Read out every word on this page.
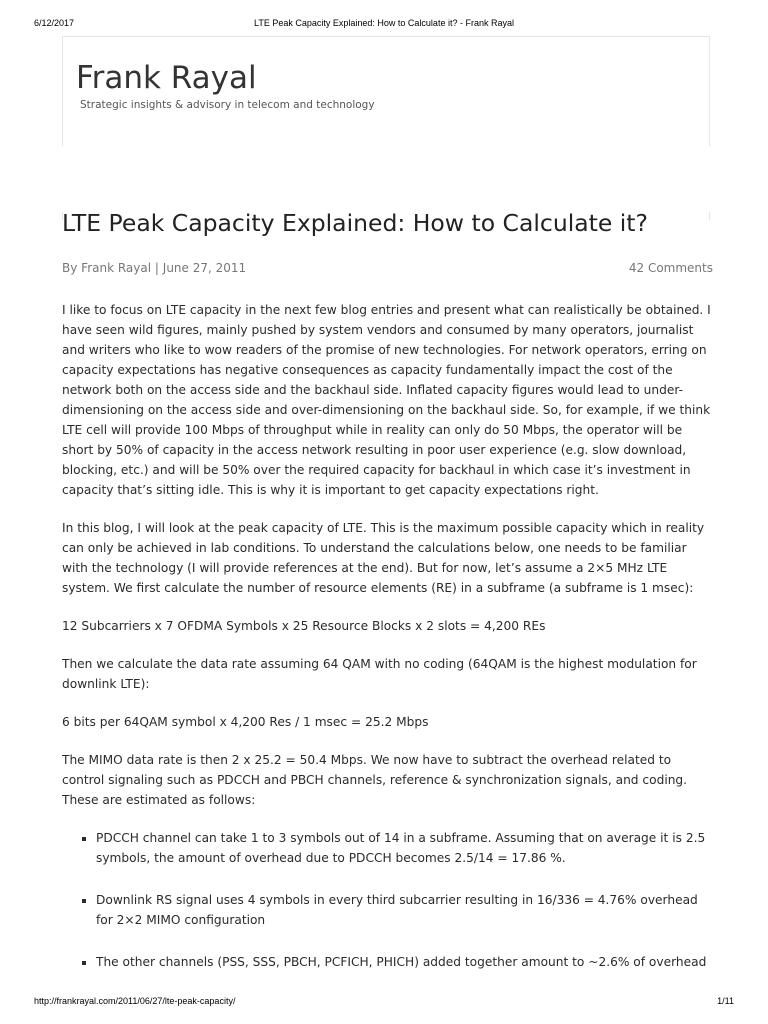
6/12/2017	LTE Peak Capacity Explained: How to Calculate it? - Frank Rayal
Frank Rayal
Strategic insights & advisory in telecom and technology
LTE Peak Capacity Explained: How to Calculate it?
By Frank Rayal | June 27, 2011	42 Comments

I like to focus on LTE capacity in the next few blog entries and present what can realistically be obtained. I have seen wild figures, mainly pushed by system vendors and consumed by many operators, journalist and writers who like to wow readers of the promise of new technologies. For network operators, erring on capacity expectations has negative consequences as capacity fundamentally impact the cost of the network both on the access side and the backhaul side. Inflated capacity figures would lead to under-dimensioning on the access side and over-dimensioning on the backhaul side. So, for example, if we think LTE cell will provide 100 Mbps of throughput while in reality can only do 50 Mbps, the operator will be short by 50% of capacity in the access network resulting in poor user experience (e.g. slow download, blocking, etc.) and will be 50% over the required capacity for backhaul in which case it’s investment in capacity that’s sitting idle. This is why it is important to get capacity expectations right.

In this blog, I will look at the peak capacity of LTE. This is the maximum possible capacity which in reality can only be achieved in lab conditions. To understand the calculations below, one needs to be familiar with the technology (I will provide references at the end). But for now, let’s assume a 2×5 MHz LTE system. We first calculate the number of resource elements (RE) in a subframe (a subframe is 1 msec):

12 Subcarriers x 7 OFDMA Symbols x 25 Resource Blocks x 2 slots = 4,200 REs

Then we calculate the data rate assuming 64 QAM with no coding (64QAM is the highest modulation for downlink LTE):

6 bits per 64QAM symbol x 4,200 Res / 1 msec = 25.2 Mbps

The MIMO data rate is then 2 x 25.2 = 50.4 Mbps. We now have to subtract the overhead related to control signaling such as PDCCH and PBCH channels, reference & synchronization signals, and coding. These are estimated as follows:

▪ PDCCH channel can take 1 to 3 symbols out of 14 in a subframe. Assuming that on average it is 2.5 symbols, the amount of overhead due to PDCCH becomes 2.5/14 = 17.86 %.
▪ Downlink RS signal uses 4 symbols in every third subcarrier resulting in 16/336 = 4.76% overhead for 2×2 MIMO configuration
▪ The other channels (PSS, SSS, PBCH, PCFICH, PHICH) added together amount to ~2.6% of overhead
http://frankrayal.com/2011/06/27/lte-peak-capacity/	1/11
